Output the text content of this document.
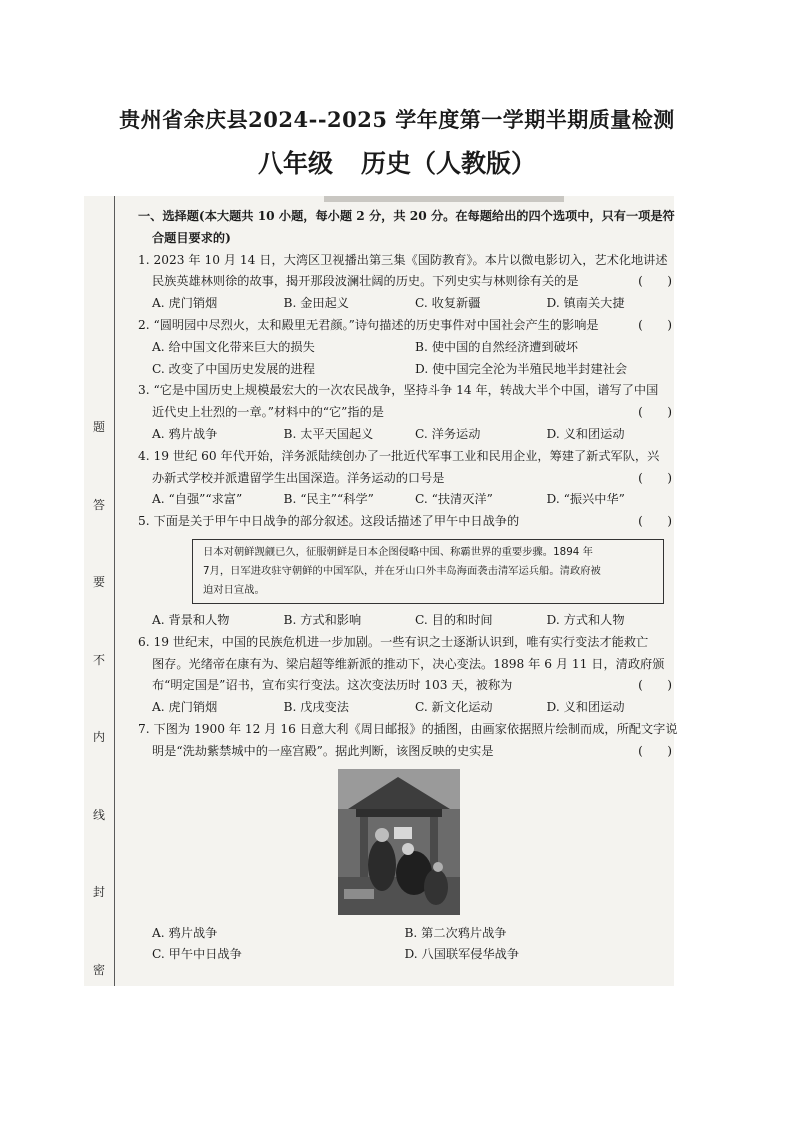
贵州省余庆县2024--2025 学年度第一学期半期质量检测
八年级 历史（人教版）
题
答
要
不
内
线
封
密

一、选择题(本大题共 10 小题，每小题 2 分，共 20 分。在每题给出的四个选项中，只有一项是符

合题目要求的)

1. 2023 年 10 月 14 日，大湾区卫视播出第三集《国防教育》。本片以微电影切入，艺术化地讲述

民族英雄林则徐的故事，揭开那段波澜壮阔的历史。下列史实与林则徐有关的是	(　　)

A. 虎门销烟	B. 金田起义	C. 收复新疆	D. 镇南关大捷

2. “圆明园中尽烈火，太和殿里无君颜。”诗句描述的历史事件对中国社会产生的影响是	(　　)

A. 给中国文化带来巨大的损失	B. 使中国的自然经济遭到破坏
C. 改变了中国历史发展的进程	D. 使中国完全沦为半殖民地半封建社会

3. “它是中国历史上规模最宏大的一次农民战争，坚持斗争 14 年，转战大半个中国，谱写了中国

近代史上壮烈的一章。”材料中的“它”指的是	(　　)

A. 鸦片战争	B. 太平天国起义	C. 洋务运动	D. 义和团运动

4. 19 世纪 60 年代开始，洋务派陆续创办了一批近代军事工业和民用企业，筹建了新式军队，兴

办新式学校并派遣留学生出国深造。洋务运动的口号是	(　　)

A. “自强”“求富”	B. “民主”“科学”	C. “扶清灭洋”	D. “振兴中华”

5. 下面是关于甲午中日战争的部分叙述。这段话描述了甲午中日战争的	(　　)

日本对朝鲜觊觎已久，征服朝鲜是日本企图侵略中国、称霸世界的重要步骤。1894 年
7月，日军进攻驻守朝鲜的中国军队，并在牙山口外丰岛海面袭击清军运兵船。清政府被
迫对日宣战。
A. 背景和人物	B. 方式和影响	C. 目的和时间	D. 方式和人物

6. 19 世纪末，中国的民族危机进一步加剧。一些有识之士逐渐认识到，唯有实行变法才能救亡

图存。光绪帝在康有为、梁启超等维新派的推动下，决心变法。1898 年 6 月 11 日，清政府颁

布“明定国是”诏书，宣布实行变法。这次变法历时 103 天，被称为	(　　)

A. 虎门销烟	B. 戊戌变法	C. 新文化运动	D. 义和团运动

7. 下图为 1900 年 12 月 16 日意大利《周日邮报》的插图，由画家依据照片绘制而成，所配文字说

明是“洗劫紫禁城中的一座宫殿”。据此判断，该图反映的史实是	(　　)

A. 鸦片战争	B. 第二次鸦片战争
C. 甲午中日战争	D. 八国联军侵华战争
